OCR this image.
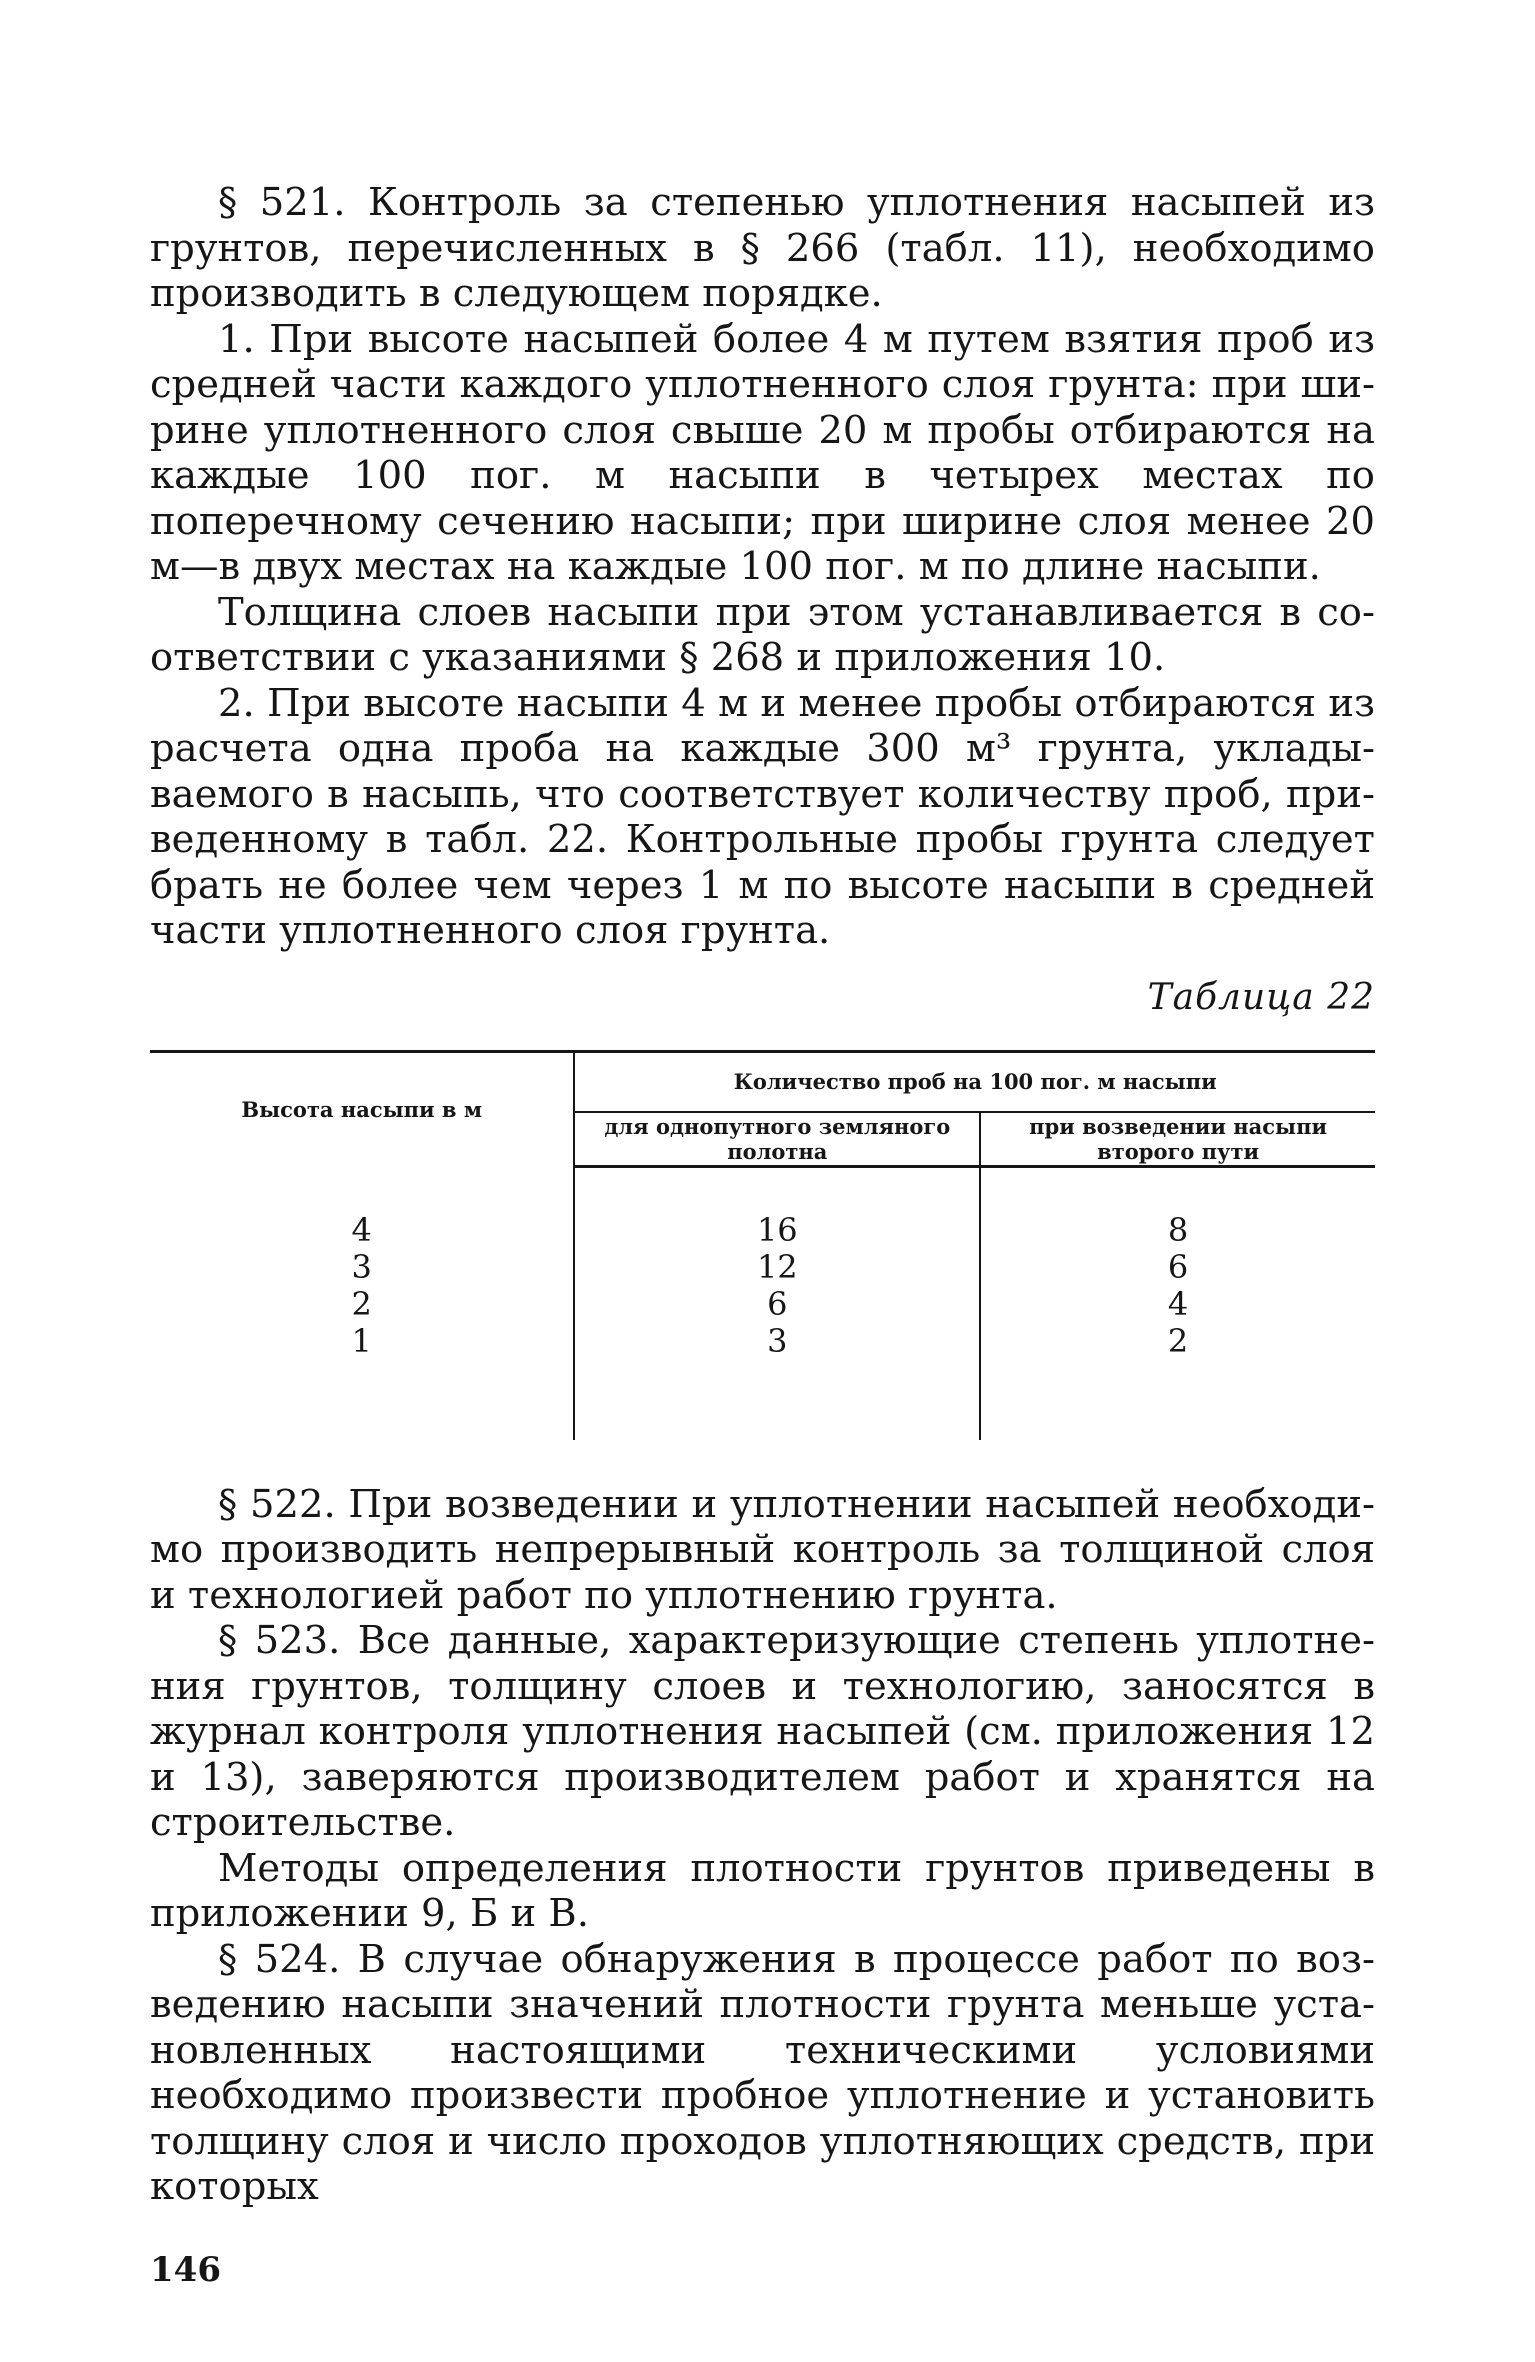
§ 521. Контроль за степенью уплотнения насыпей из грунтов, перечисленных в § 266 (табл. 11), необходимо производить в следующем порядке.

1. При высоте насыпей более 4 м путем взятия проб из средней части каждого уплотненного слоя грунта: при ширине уплотненного слоя свыше 20 м пробы отбираются на каждые 100 пог. м насыпи в четырех местах по поперечному сечению насыпи; при ширине слоя менее 20 м—в двух местах на каждые 100 пог. м по длине насыпи.

Толщина слоев насыпи при этом устанавливается в соответствии с указаниями § 268 и приложения 10.

2. При высоте насыпи 4 м и менее пробы отбираются из расчета одна проба на каждые 300 м³ грунта, укладываемого в насыпь, что соответствует количеству проб, приведенному в табл. 22. Контрольные пробы грунта следует брать не более чем через 1 м по высоте насыпи в средней части уплотненного слоя грунта.

Таблица 22
Высота насыпи в м	Количество проб на 100 пог. м насыпи	
	для однопутного земляного полотна	при возведении насыпи второго пути

4	16	8
3	12	6
2	6	4
1	3	2

§ 522. При возведении и уплотнении насыпей необходимо производить непрерывный контроль за толщиной слоя и технологией работ по уплотнению грунта.

§ 523. Все данные, характеризующие степень уплотнения грунтов, толщину слоев и технологию, заносятся в журнал контроля уплотнения насыпей (см. приложения 12 и 13), заверяются производителем работ и хранятся на строительстве.

Методы определения плотности грунтов приведены в приложении 9, Б и В.

§ 524. В случае обнаружения в процессе работ по возведению насыпи значений плотности грунта меньше установленных настоящими техническими условиями необходимо произвести пробное уплотнение и установить толщину слоя и число проходов уплотняющих средств, при которых

146
